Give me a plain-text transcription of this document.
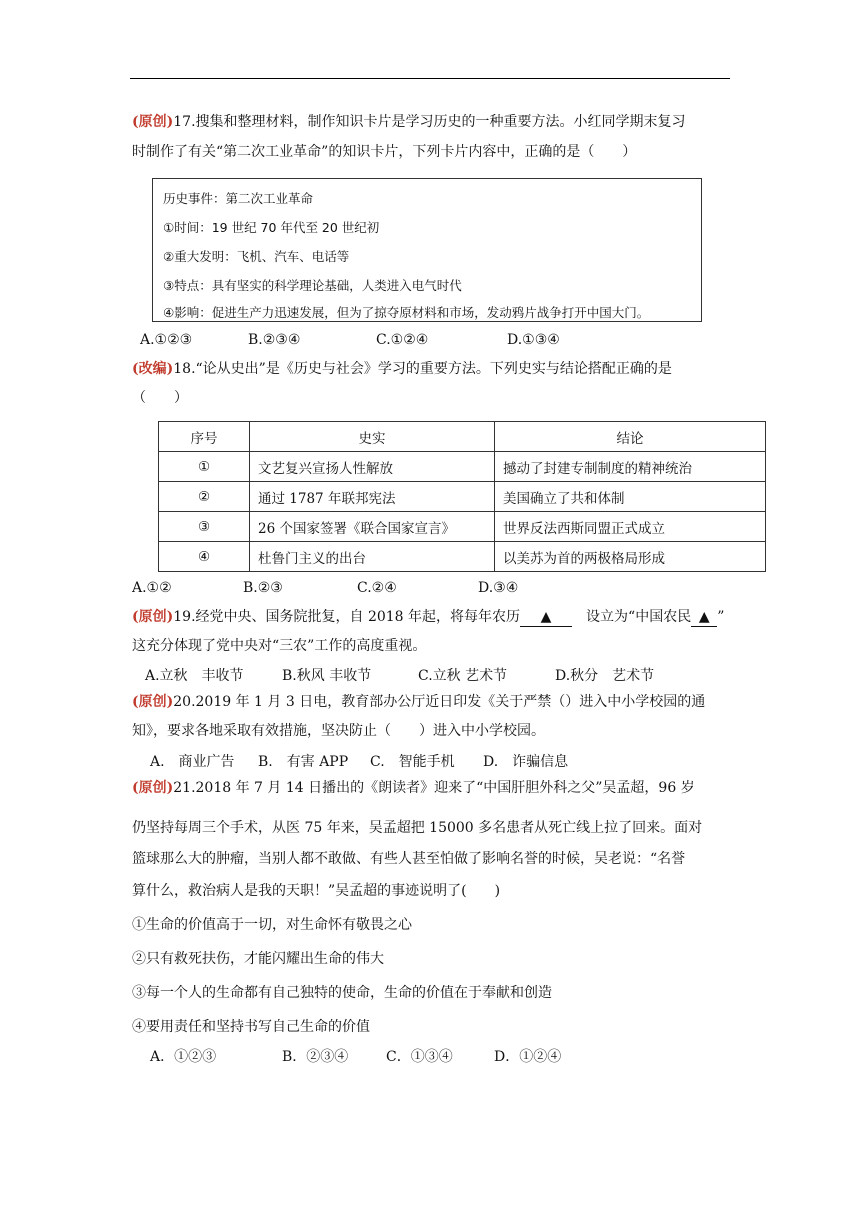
(原创)17.搜集和整理材料，制作知识卡片是学习历史的一种重要方法。小红同学期末复习
时制作了有关“第二次工业革命”的知识卡片，下列卡片内容中，正确的是（　　）
历史事件：第二次工业革命
①时间：19 世纪 70 年代至 20 世纪初
②重大发明：飞机、汽车、电话等
③特点：具有坚实的科学理论基础，人类进入电气时代
④影响：促进生产力迅速发展，但为了掠夺原材料和市场，发动鸦片战争打开中国大门。
A.①②③	B.②③④	C.①②④	D.①③④
(改编)18.“论从史出”是《历史与社会》学习的重要方法。下列史实与结论搭配正确的是
（　　）
序号	史实	结论
①	文艺复兴宣扬人性解放	撼动了封建专制制度的精神统治
②	通过 1787 年联邦宪法	美国确立了共和体制
③	26 个国家签署《联合国家宣言》	世界反法西斯同盟正式成立
④	杜鲁门主义的出台	以美苏为首的两极格局形成
A.①②	B.②③	C.②④	D.③④
(原创)19.经党中央、国务院批复，自 2018 年起，将每年农历 ▲　 设立为“中国农民 ▲ ”
这充分体现了党中央对“三农”工作的高度重视。
A.立秋　丰收节	B.秋风 丰收节	C.立秋 艺术节	D.秋分　艺术节
(原创)20.2019 年 1 月 3 日电，教育部办公厅近日印发《关于严禁（）进入中小学校园的通
知》，要求各地采取有效措施，坚决防止（　　）进入中小学校园。
A.　商业广告 B.　有害 APP C.　智能手机 D.　诈骗信息
(原创)21.2018 年 7 月 14 日播出的《朗读者》迎来了“中国肝胆外科之父”吴孟超，96 岁
仍坚持每周三个手术，从医 75 年来，吴孟超把 15000 多名患者从死亡线上拉了回来。面对
篮球那么大的肿瘤，当别人都不敢做、有些人甚至怕做了影响名誉的时候，吴老说：“名誉
算什么，救治病人是我的天职！”吴孟超的事迹说明了(　　)
①生命的价值高于一切，对生命怀有敬畏之心
②只有救死扶伤，才能闪耀出生命的伟大
③每一个人的生命都有自己独特的使命，生命的价值在于奉献和创造
④要用责任和坚持书写自己生命的价值
A．①②③	B．②③④	C．①③④	D．①②④
